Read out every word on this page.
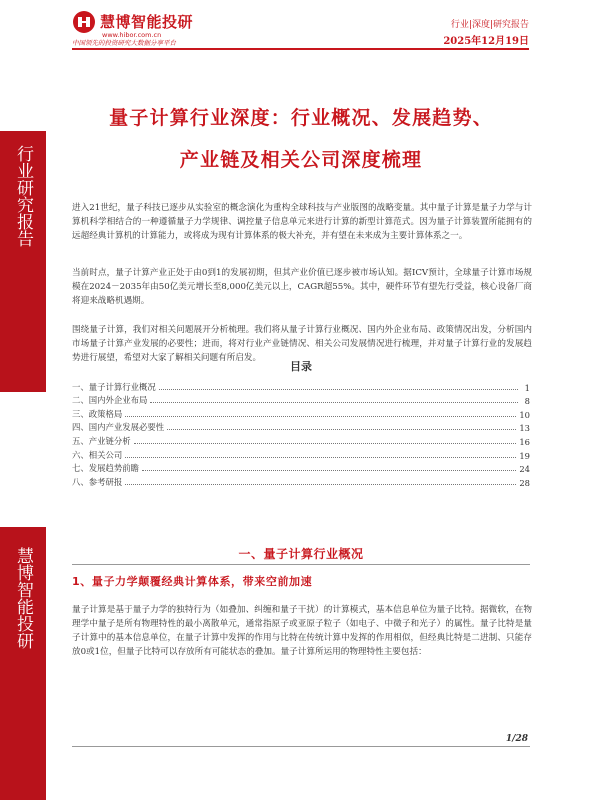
慧博智能投研
www.hibor.com.cn
中国领先的投资研究大数据分享平台
行业|深度|研究报告
2025年12月19日
行业研究报告
慧博智能投研
量子计算行业深度：行业概况、发展趋势、
产业链及相关公司深度梳理

进入21世纪，量子科技已逐步从实验室的概念演化为重构全球科技与产业版图的战略变量。其中量子计算是量子力学与计算机科学相结合的一种遵循量子力学规律、调控量子信息单元来进行计算的新型计算范式。因为量子计算装置所能拥有的远超经典计算机的计算能力，或将成为现有计算体系的极大补充，并有望在未来成为主要计算体系之一。

当前时点，量子计算产业正处于由0到1的发展初期，但其产业价值已逐步被市场认知。据ICV预计，全球量子计算市场规模在2024－2035年由50亿美元增长至8,000亿美元以上，CAGR超55%。其中，硬件环节有望先行受益，核心设备厂商将迎来战略机遇期。

围绕量子计算，我们对相关问题展开分析梳理。我们将从量子计算行业概况、国内外企业布局、政策情况出发，分析国内市场量子计算产业发展的必要性；进而，将对行业产业链情况、相关公司发展情况进行梳理，并对量子计算行业的发展趋势进行展望，希望对大家了解相关问题有所启发。

目录
一、量子计算行业概况	1
二、国内外企业布局	8
三、政策格局	10
四、国内产业发展必要性	13
五、产业链分析	16
六、相关公司	19
七、发展趋势前瞻	24
八、参考研报	28
一、量子计算行业概况
1、量子力学颠覆经典计算体系，带来空前加速

量子计算是基于量子力学的独特行为（如叠加、纠缠和量子干扰）的计算模式，基本信息单位为量子比特。据微软，在物理学中量子是所有物理特性的最小离散单元，通常指原子或亚原子粒子（如电子、中微子和光子）的属性。量子比特是量子计算中的基本信息单位，在量子计算中发挥的作用与比特在传统计算中发挥的作用相似，但经典比特是二进制、只能存放0或1位，但量子比特可以存放所有可能状态的叠加。量子计算所运用的物理特性主要包括：

1/28
